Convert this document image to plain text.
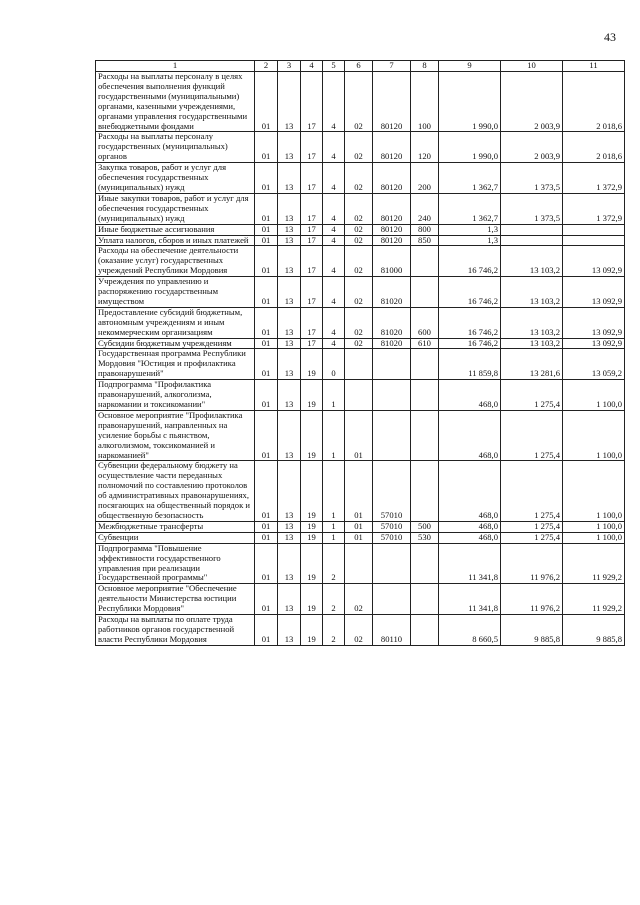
43
1	2	3	4	5	6	7	8	9	10	11
Расходы на выплаты персоналу в целях обеспечения выполнения функций государственными (муниципальными) органами, казенными учреждениями, органами управления государственными внебюджетными фондами	01	13	17	4	02	80120	100	1 990,0	2 003,9	2 018,6
Расходы на выплаты персоналу государственных (муниципальных) органов	01	13	17	4	02	80120	120	1 990,0	2 003,9	2 018,6
Закупка товаров, работ и услуг для обеспечения государственных (муниципальных) нужд	01	13	17	4	02	80120	200	1 362,7	1 373,5	1 372,9
Иные закупки товаров, работ и услуг для обеспечения государственных (муниципальных) нужд	01	13	17	4	02	80120	240	1 362,7	1 373,5	1 372,9
Иные бюджетные ассигнования	01	13	17	4	02	80120	800	1,3		
Уплата налогов, сборов и иных платежей	01	13	17	4	02	80120	850	1,3		
Расходы на обеспечение деятельности (оказание услуг) государственных учреждений Республики Мордовия	01	13	17	4	02	81000		16 746,2	13 103,2	13 092,9
Учреждения по управлению и распоряжению государственным имуществом	01	13	17	4	02	81020		16 746,2	13 103,2	13 092,9
Предоставление субсидий бюджетным, автономным учреждениям и иным некоммерческим организациям	01	13	17	4	02	81020	600	16 746,2	13 103,2	13 092,9
Субсидии бюджетным учреждениям	01	13	17	4	02	81020	610	16 746,2	13 103,2	13 092,9
Государственная программа Республики Мордовия "Юстиция и профилактика правонарушений"	01	13	19	0				11 859,8	13 281,6	13 059,2
Подпрограмма "Профилактика правонарушений, алкоголизма, наркомании и токсикомании"	01	13	19	1				468,0	1 275,4	1 100,0
Основное мероприятие "Профилактика правонарушений, направленных на усиление борьбы с пьянством, алкоголизмом, токсикоманией и наркоманией"	01	13	19	1	01			468,0	1 275,4	1 100,0
Субвенции федеральному бюджету на осуществление части переданных полномочий по составлению протоколов об административных правонарушениях, посягающих на общественный порядок и общественную безопасность	01	13	19	1	01	57010		468,0	1 275,4	1 100,0
Межбюджетные трансферты	01	13	19	1	01	57010	500	468,0	1 275,4	1 100,0
Субвенции	01	13	19	1	01	57010	530	468,0	1 275,4	1 100,0
Подпрограмма "Повышение эффективности государственного управления при реализации Государственной программы"	01	13	19	2				11 341,8	11 976,2	11 929,2
Основное мероприятие "Обеспечение деятельности Министерства юстиции Республики Мордовия"	01	13	19	2	02			11 341,8	11 976,2	11 929,2
Расходы на выплаты по оплате труда работников органов государственной власти Республики Мордовия	01	13	19	2	02	80110		8 660,5	9 885,8	9 885,8
